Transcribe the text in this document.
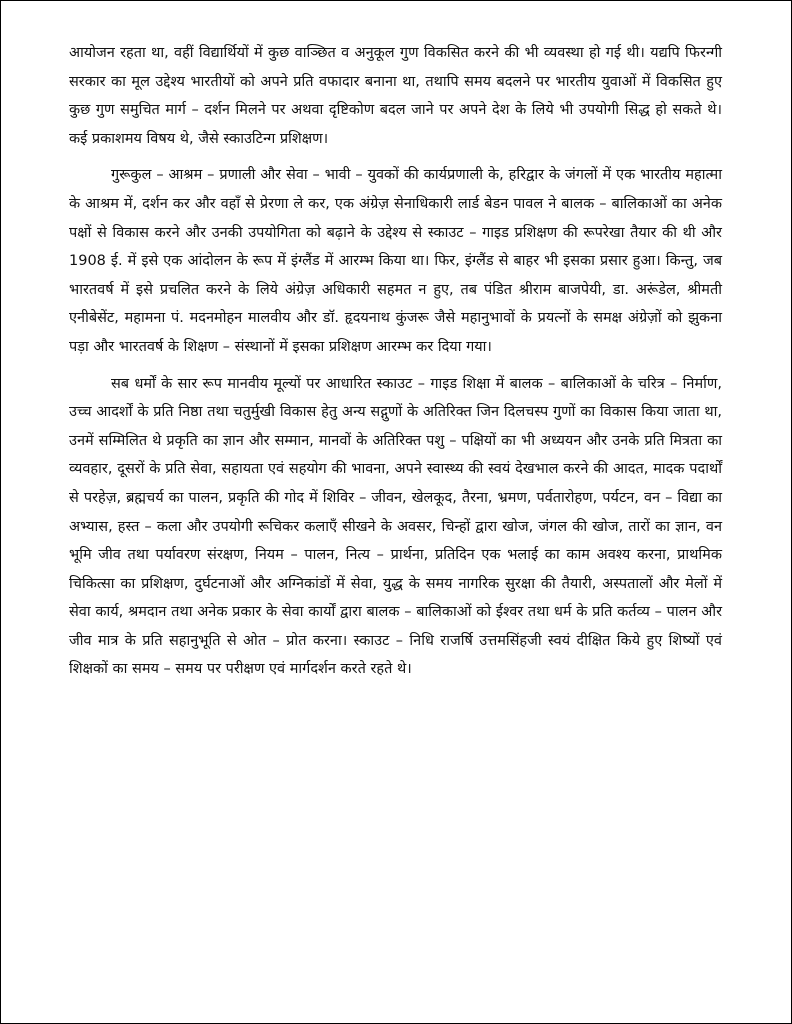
आयोजन रहता था, वहीं विद्यार्थियों में कुछ वाञ्छित व अनुकूल गुण विकसित करने की भी व्यवस्था हो गई थी। यद्यपि फिरन्गी सरकार का मूल उद्देश्य भारतीयों को अपने प्रति वफादार बनाना था, तथापि समय बदलने पर भारतीय युवाओं में विकसित हुए कुछ गुण समुचित मार्ग – दर्शन मिलने पर अथवा दृष्टिकोण बदल जाने पर अपने देश के लिये भी उपयोगी सिद्ध हो सकते थे। कई प्रकाशमय विषय थे, जैसे स्काउटिन्ग प्रशिक्षण।

गुरूकुल – आश्रम – प्रणाली और सेवा – भावी – युवकों की कार्यप्रणाली के, हरिद्वार के जंगलों में एक भारतीय महात्मा के आश्रम में, दर्शन कर और वहाँ से प्रेरणा ले कर, एक अंग्रेज़ सेनाधिकारी लार्ड बेडन पावल ने बालक – बालिकाओं का अनेक पक्षों से विकास करने और उनकी उपयोगिता को बढ़ाने के उद्देश्य से स्काउट – गाइड प्रशिक्षण की रूपरेखा तैयार की थी और 1908 ई. में इसे एक आंदोलन के रूप में इंग्लैंड में आरम्भ किया था। फिर, इंग्लैंड से बाहर भी इसका प्रसार हुआ। किन्तु, जब भारतवर्ष में इसे प्रचलित करने के लिये अंग्रेज़ अधिकारी सहमत न हुए, तब पंडित श्रीराम बाजपेयी, डा. अरूंडेल, श्रीमती एनीबेसेंट, महामना पं. मदनमोहन मालवीय और डॉ. हृदयनाथ कुंजरू जैसे महानुभावों के प्रयत्नों के समक्ष अंग्रेज़ों को झुकना पड़ा और भारतवर्ष के शिक्षण – संस्थानों में इसका प्रशिक्षण आरम्भ कर दिया गया।

सब धर्मों के सार रूप मानवीय मूल्यों पर आधारित स्काउट – गाइड शिक्षा में बालक – बालिकाओं के चरित्र – निर्माण, उच्च आदर्शों के प्रति निष्ठा तथा चतुर्मुखी विकास हेतु अन्य सद्गुणों के अतिरिक्त जिन दिलचस्प गुणों का विकास किया जाता था, उनमें सम्मिलित थे प्रकृति का ज्ञान और सम्मान, मानवों के अतिरिक्त पशु – पक्षियों का भी अध्ययन और उनके प्रति मित्रता का व्यवहार, दूसरों के प्रति सेवा, सहायता एवं सहयोग की भावना, अपने स्वास्थ्य की स्वयं देखभाल करने की आदत, मादक पदार्थों से परहेज़, ब्रह्मचर्य का पालन, प्रकृति की गोद में शिविर – जीवन, खेलकूद, तैरना, भ्रमण, पर्वतारोहण, पर्यटन, वन – विद्या का अभ्यास, हस्त – कला और उपयोगी रूचिकर कलाएँ सीखने के अवसर, चिन्हों द्वारा खोज, जंगल की खोज, तारों का ज्ञान, वन भूमि जीव तथा पर्यावरण संरक्षण, नियम – पालन, नित्य – प्रार्थना, प्रतिदिन एक भलाई का काम अवश्य करना, प्राथमिक चिकित्सा का प्रशिक्षण, दुर्घटनाओं और अग्निकांडों में सेवा, युद्ध के समय नागरिक सुरक्षा की तैयारी, अस्पतालों और मेलों में सेवा कार्य, श्रमदान तथा अनेक प्रकार के सेवा कार्यों द्वारा बालक – बालिकाओं को ईश्वर तथा धर्म के प्रति कर्तव्य – पालन और जीव मात्र के प्रति सहानुभूति से ओत – प्रोत करना। स्काउट – निधि राजर्षि उत्तमसिंहजी स्वयं दीक्षित किये हुए शिष्यों एवं शिक्षकों का समय – समय पर परीक्षण एवं मार्गदर्शन करते रहते थे।
